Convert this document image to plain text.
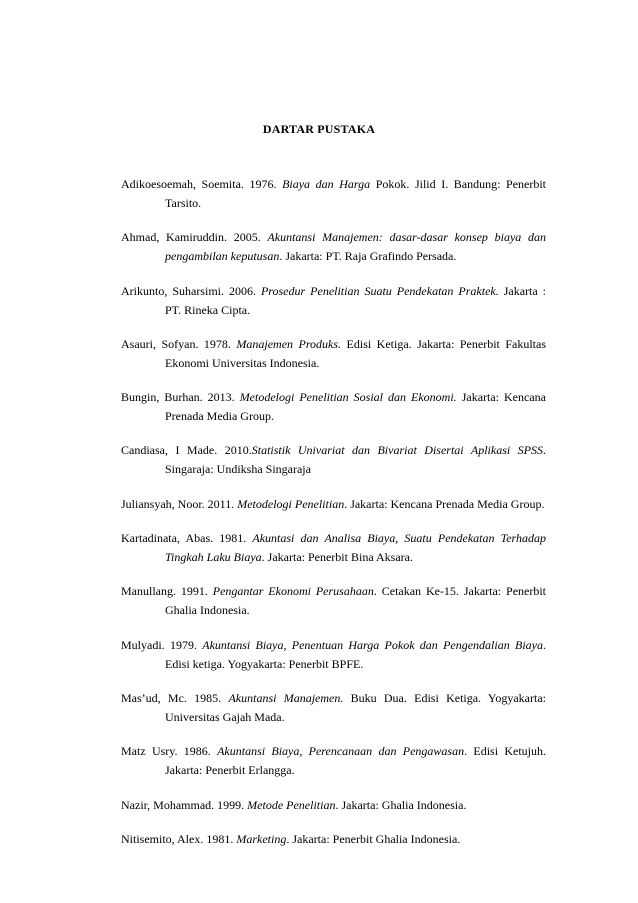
DARTAR PUSTAKA
Adikoesoemah, Soemita. 1976. Biaya dan Harga Pokok. Jilid I. Bandung: Penerbit Tarsito.
Ahmad, Kamiruddin. 2005. Akuntansi Manajemen: dasar-dasar konsep biaya dan pengambilan keputusan. Jakarta: PT. Raja Grafindo Persada.
Arikunto, Suharsimi. 2006. Prosedur Penelitian Suatu Pendekatan Praktek. Jakarta : PT. Rineka Cipta.
Asauri, Sofyan. 1978. Manajemen Produks. Edisi Ketiga. Jakarta: Penerbit Fakultas Ekonomi Universitas Indonesia.
Bungin, Burhan. 2013. Metodelogi Penelitian Sosial dan Ekonomi. Jakarta: Kencana Prenada Media Group.
Candiasa, I Made. 2010.Statistik Univariat dan Bivariat Disertai Aplikasi SPSS. Singaraja: Undiksha Singaraja
Juliansyah, Noor. 2011. Metodelogi Penelitian. Jakarta: Kencana Prenada Media Group.
Kartadinata, Abas. 1981. Akuntasi dan Analisa Biaya, Suatu Pendekatan Terhadap Tingkah Laku Biaya. Jakarta: Penerbit Bina Aksara.
Manullang. 1991. Pengantar Ekonomi Perusahaan. Cetakan Ke-15. Jakarta: Penerbit Ghalia Indonesia.
Mulyadi. 1979. Akuntansi Biaya, Penentuan Harga Pokok dan Pengendalian Biaya. Edisi ketiga. Yogyakarta: Penerbit BPFE.
Mas’ud, Mc. 1985. Akuntansi Manajemen. Buku Dua. Edisi Ketiga. Yogyakarta: Universitas Gajah Mada.
Matz Usry. 1986. Akuntansi Biaya, Perencanaan dan Pengawasan. Edisi Ketujuh. Jakarta: Penerbit Erlangga.
Nazir, Mohammad. 1999. Metode Penelitian. Jakarta: Ghalia Indonesia.
Nitisemito, Alex. 1981. Marketing. Jakarta: Penerbit Ghalia Indonesia.
